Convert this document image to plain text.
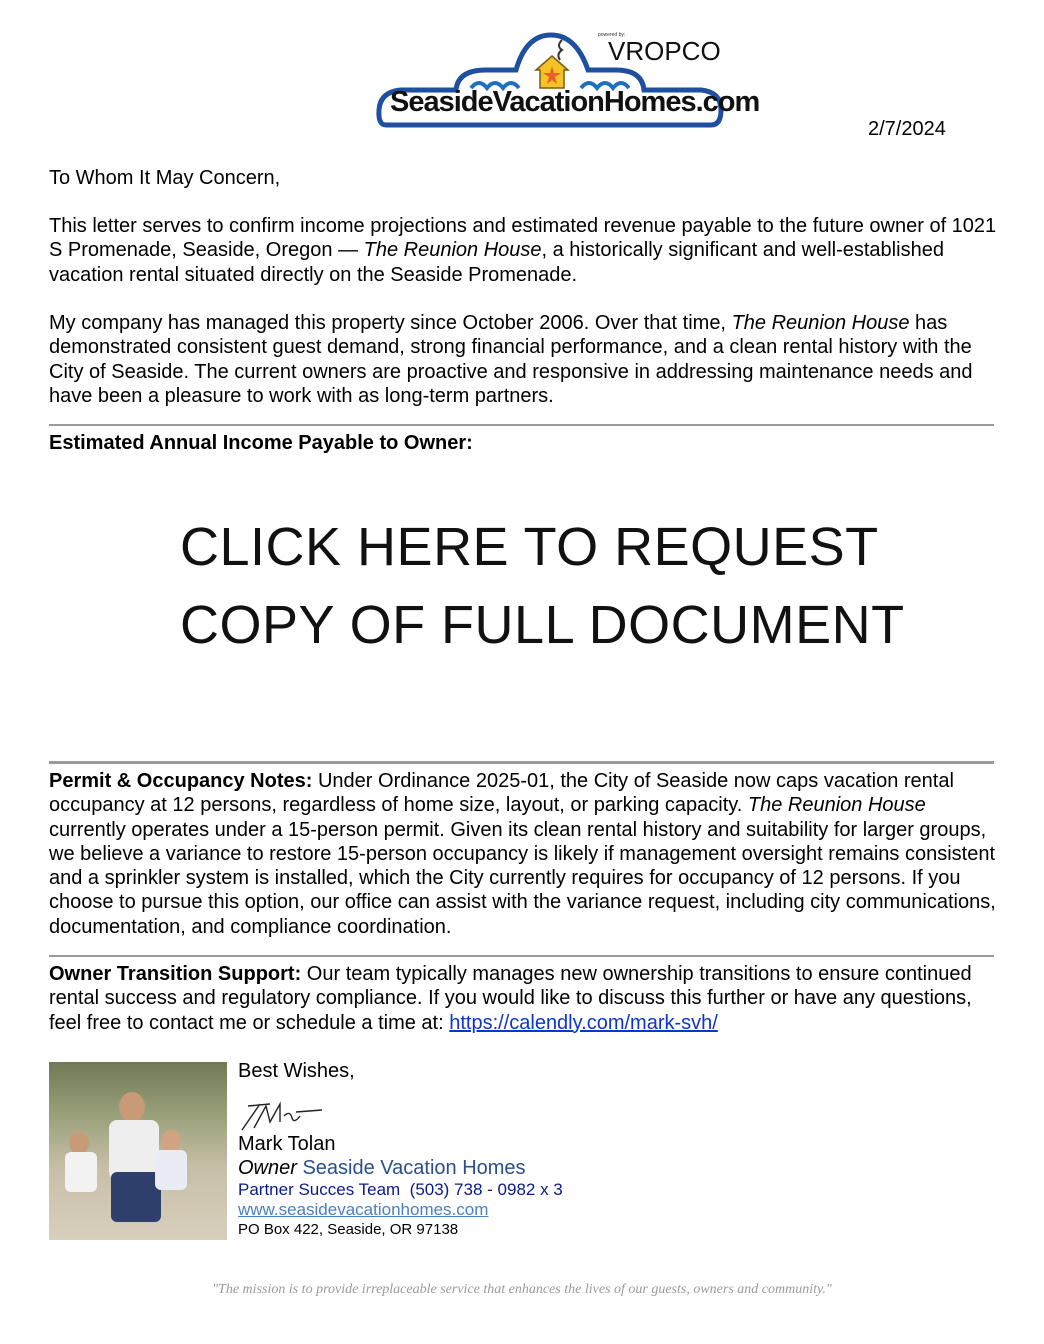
SeasideVacationHomes.com
powered by:
VROPCO
2/7/2024
To Whom It May Concern,
This letter serves to confirm income projections and estimated revenue payable to the future owner of 1021 S Promenade, Seaside, Oregon — The Reunion House, a historically significant and well-established vacation rental situated directly on the Seaside Promenade.
My company has managed this property since October 2006. Over that time, The Reunion House has demonstrated consistent guest demand, strong financial performance, and a clean rental history with the City of Seaside. The current owners are proactive and responsive in addressing maintenance needs and have been a pleasure to work with as long-term partners.
Estimated Annual Income Payable to Owner:
CLICK HERE TO REQUEST
COPY OF FULL DOCUMENT
Permit & Occupancy Notes: Under Ordinance 2025-01, the City of Seaside now caps vacation rental occupancy at 12 persons, regardless of home size, layout, or parking capacity. The Reunion House currently operates under a 15-person permit. Given its clean rental history and suitability for larger groups, we believe a variance to restore 15-person occupancy is likely if management oversight remains consistent and a sprinkler system is installed, which the City currently requires for occupancy of 12 persons. If you choose to pursue this option, our office can assist with the variance request, including city communications, documentation, and compliance coordination.
Owner Transition Support: Our team typically manages new ownership transitions to ensure continued rental success and regulatory compliance. If you would like to discuss this further or have any questions, feel free to contact me or schedule a time at: https://calendly.com/mark-svh/
Best Wishes,
Mark Tolan
Owner Seaside Vacation Homes
Partner Succes Team  (503) 738 - 0982 x 3
www.seasidevacationhomes.com
PO Box 422, Seaside, OR 97138
"The mission is to provide irreplaceable service that enhances the lives of our guests, owners and community."
